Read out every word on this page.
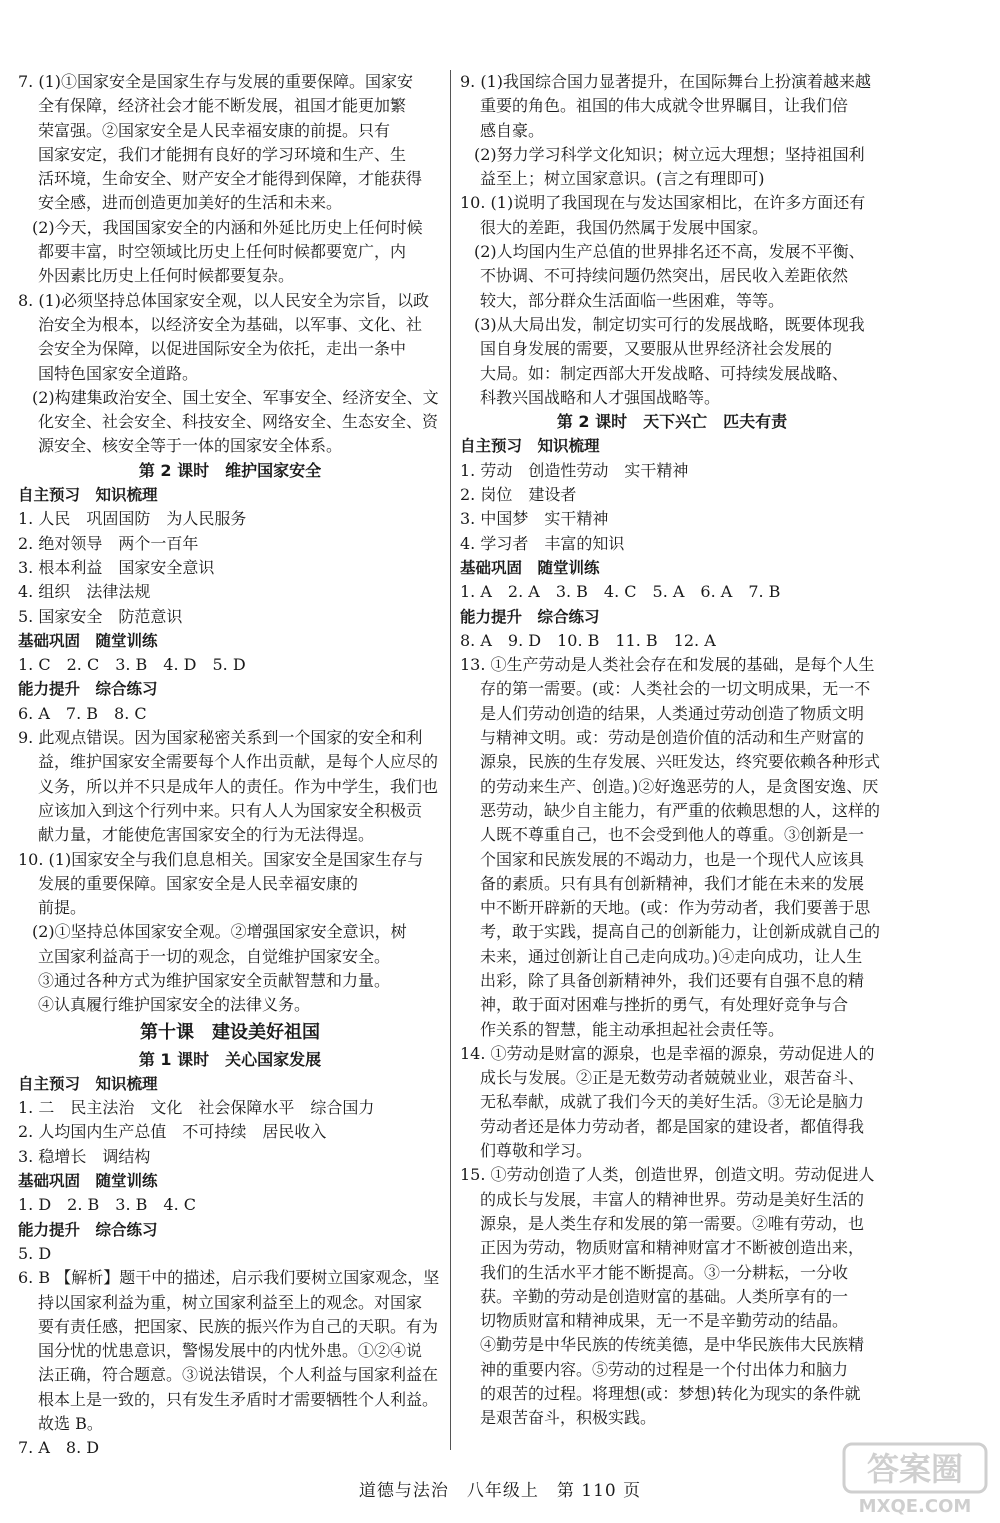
7. (1)①国家安全是国家生存与发展的重要保障。国家安
全有保障，经济社会才能不断发展，祖国才能更加繁
荣富强。②国家安全是人民幸福安康的前提。只有
国家安定，我们才能拥有良好的学习环境和生产、生
活环境，生命安全、财产安全才能得到保障，才能获得
安全感，进而创造更加美好的生活和未来。
(2)今天，我国国家安全的内涵和外延比历史上任何时候
都要丰富，时空领域比历史上任何时候都要宽广，内
外因素比历史上任何时候都要复杂。
8. (1)必须坚持总体国家安全观，以人民安全为宗旨，以政
治安全为根本，以经济安全为基础，以军事、文化、社
会安全为保障，以促进国际安全为依托，走出一条中
国特色国家安全道路。
(2)构建集政治安全、国土安全、军事安全、经济安全、文
化安全、社会安全、科技安全、网络安全、生态安全、资
源安全、核安全等于一体的国家安全体系。
第 2 课时　维护国家安全
自主预习　知识梳理
1. 人民　巩固国防　为人民服务
2. 绝对领导　两个一百年
3. 根本利益　国家安全意识
4. 组织　法律法规
5. 国家安全　防范意识
基础巩固　随堂训练
1. C　2. C　3. B　4. D　5. D
能力提升　综合练习
6. A　7. B　8. C
9. 此观点错误。因为国家秘密关系到一个国家的安全和利
益，维护国家安全需要每个人作出贡献，是每个人应尽的
义务，所以并不只是成年人的责任。作为中学生，我们也
应该加入到这个行列中来。只有人人为国家安全积极贡
献力量，才能使危害国家安全的行为无法得逞。
10. (1)国家安全与我们息息相关。国家安全是国家生存与
发展的重要保障。国家安全是人民幸福安康的
前提。
(2)①坚持总体国家安全观。②增强国家安全意识，树
立国家利益高于一切的观念，自觉维护国家安全。
③通过各种方式为维护国家安全贡献智慧和力量。
④认真履行维护国家安全的法律义务。
第十课　建设美好祖国
第 1 课时　关心国家发展
自主预习　知识梳理
1. 二　民主法治　文化　社会保障水平　综合国力
2. 人均国内生产总值　不可持续　居民收入
3. 稳增长　调结构
基础巩固　随堂训练
1. D　2. B　3. B　4. C
能力提升　综合练习
5. D
6. B 【解析】题干中的描述，启示我们要树立国家观念，坚
持以国家利益为重，树立国家利益至上的观念。对国家
要有责任感，把国家、民族的振兴作为自己的天职。有为
国分忧的忧患意识，警惕发展中的内忧外患。①②④说
法正确，符合题意。③说法错误，个人利益与国家利益在
根本上是一致的，只有发生矛盾时才需要牺牲个人利益。
故选 B。
7. A　8. D
9. (1)我国综合国力显著提升，在国际舞台上扮演着越来越
重要的角色。祖国的伟大成就令世界瞩目，让我们倍
感自豪。
(2)努力学习科学文化知识；树立远大理想；坚持祖国利
益至上；树立国家意识。(言之有理即可)
10. (1)说明了我国现在与发达国家相比，在许多方面还有
很大的差距，我国仍然属于发展中国家。
(2)人均国内生产总值的世界排名还不高，发展不平衡、
不协调、不可持续问题仍然突出，居民收入差距依然
较大，部分群众生活面临一些困难，等等。
(3)从大局出发，制定切实可行的发展战略，既要体现我
国自身发展的需要，又要服从世界经济社会发展的
大局。如：制定西部大开发战略、可持续发展战略、
科教兴国战略和人才强国战略等。
第 2 课时　天下兴亡　匹夫有责
自主预习　知识梳理
1. 劳动　创造性劳动　实干精神
2. 岗位　建设者
3. 中国梦　实干精神
4. 学习者　丰富的知识
基础巩固　随堂训练
1. A　2. A　3. B　4. C　5. A　6. A　7. B
能力提升　综合练习
8. A　9. D　10. B　11. B　12. A
13. ①生产劳动是人类社会存在和发展的基础，是每个人生
存的第一需要。(或：人类社会的一切文明成果，无一不
是人们劳动创造的结果，人类通过劳动创造了物质文明
与精神文明。或：劳动是创造价值的活动和生产财富的
源泉，民族的生存发展、兴旺发达，终究要依赖各种形式
的劳动来生产、创造。)②好逸恶劳的人，是贪图安逸、厌
恶劳动，缺少自主能力，有严重的依赖思想的人，这样的
人既不尊重自己，也不会受到他人的尊重。③创新是一
个国家和民族发展的不竭动力，也是一个现代人应该具
备的素质。只有具有创新精神，我们才能在未来的发展
中不断开辟新的天地。(或：作为劳动者，我们要善于思
考，敢于实践，提高自己的创新能力，让创新成就自己的
未来，通过创新让自己走向成功。)④走向成功，让人生
出彩，除了具备创新精神外，我们还要有自强不息的精
神，敢于面对困难与挫折的勇气，有处理好竞争与合
作关系的智慧，能主动承担起社会责任等。
14. ①劳动是财富的源泉，也是幸福的源泉，劳动促进人的
成长与发展。②正是无数劳动者兢兢业业，艰苦奋斗、
无私奉献，成就了我们今天的美好生活。③无论是脑力
劳动者还是体力劳动者，都是国家的建设者，都值得我
们尊敬和学习。
15. ①劳动创造了人类，创造世界，创造文明。劳动促进人
的成长与发展，丰富人的精神世界。劳动是美好生活的
源泉，是人类生存和发展的第一需要。②唯有劳动，也
正因为劳动，物质财富和精神财富才不断被创造出来，
我们的生活水平才能不断提高。③一分耕耘，一分收
获。辛勤的劳动是创造财富的基础。人类所享有的一
切物质财富和精神成果，无一不是辛勤劳动的结晶。
④勤劳是中华民族的传统美德，是中华民族伟大民族精
神的重要内容。⑤劳动的过程是一个付出体力和脑力
的艰苦的过程。将理想(或：梦想)转化为现实的条件就
是艰苦奋斗，积极实践。
道德与法治　八年级上　第 110 页
答案圈
MXQE.COM
